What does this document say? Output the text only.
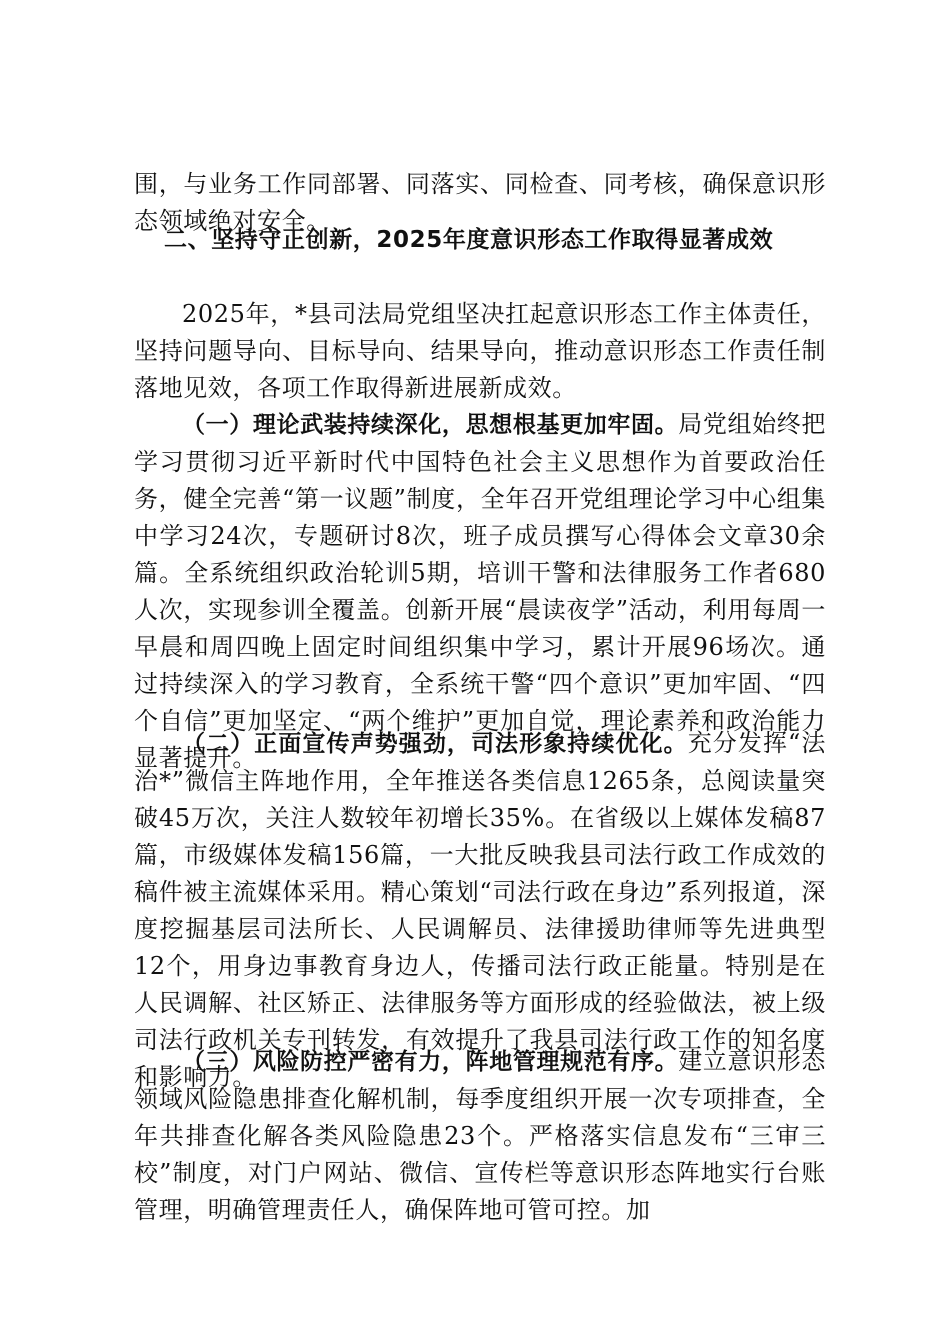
围，与业务工作同部署、同落实、同检查、同考核，确保意识形态领域绝对安全。

二、坚持守正创新，2025年度意识形态工作取得显著成效

2025年，*县司法局党组坚决扛起意识形态工作主体责任，坚持问题导向、目标导向、结果导向，推动意识形态工作责任制落地见效，各项工作取得新进展新成效。

（一）理论武装持续深化，思想根基更加牢固。局党组始终把学习贯彻习近平新时代中国特色社会主义思想作为首要政治任务，健全完善“第一议题”制度，全年召开党组理论学习中心组集中学习24次，专题研讨8次，班子成员撰写心得体会文章30余篇。全系统组织政治轮训5期，培训干警和法律服务工作者680人次，实现参训全覆盖。创新开展“晨读夜学”活动，利用每周一早晨和周四晚上固定时间组织集中学习，累计开展96场次。通过持续深入的学习教育，全系统干警“四个意识”更加牢固、“四个自信”更加坚定、“两个维护”更加自觉，理论素养和政治能力显著提升。

（二）正面宣传声势强劲，司法形象持续优化。充分发挥“法治*”微信主阵地作用，全年推送各类信息1265条，总阅读量突破45万次，关注人数较年初增长35%。在省级以上媒体发稿87篇，市级媒体发稿156篇，一大批反映我县司法行政工作成效的稿件被主流媒体采用。精心策划“司法行政在身边”系列报道，深度挖掘基层司法所长、人民调解员、法律援助律师等先进典型12个，用身边事教育身边人，传播司法行政正能量。特别是在人民调解、社区矫正、法律服务等方面形成的经验做法，被上级司法行政机关专刊转发，有效提升了我县司法行政工作的知名度和影响力。

（三）风险防控严密有力，阵地管理规范有序。建立意识形态领域风险隐患排查化解机制，每季度组织开展一次专项排查，全年共排查化解各类风险隐患23个。严格落实信息发布“三审三校”制度，对门户网站、微信、宣传栏等意识形态阵地实行台账管理，明确管理责任人，确保阵地可管可控。加
